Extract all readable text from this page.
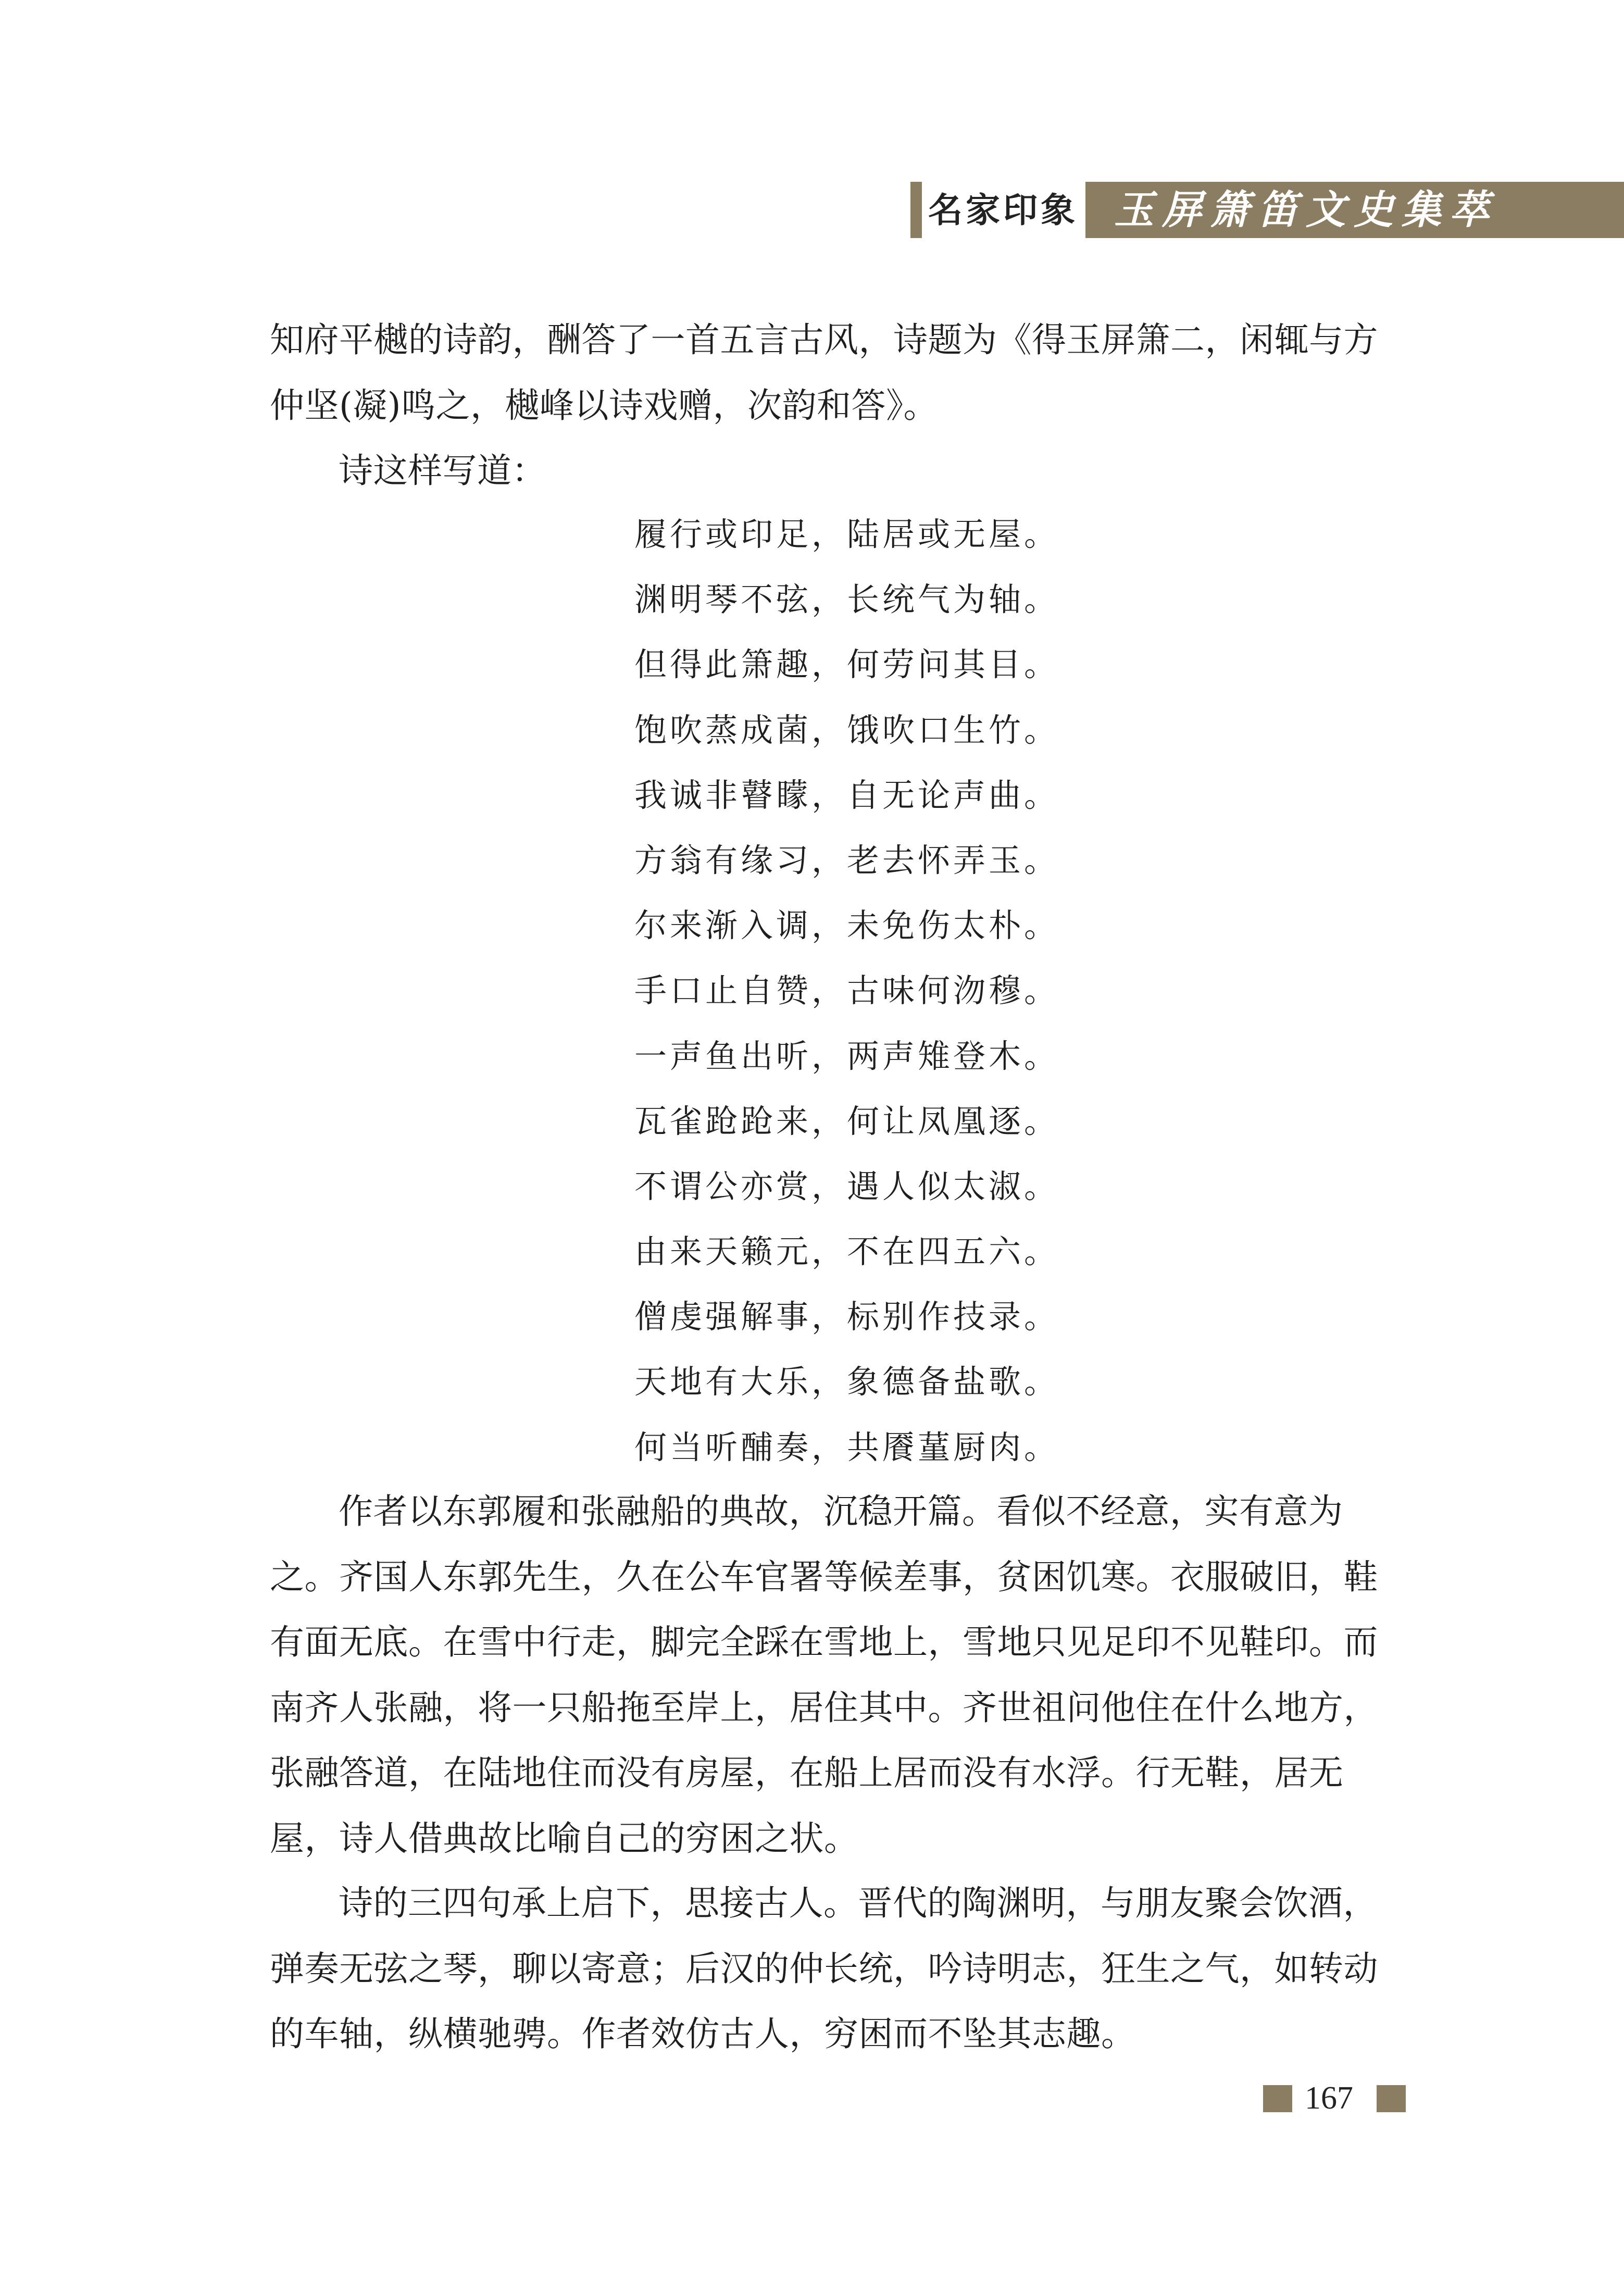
名家印象 玉屏箫笛文史集萃

知府平樾的诗韵，酬答了一首五言古风，诗题为《得玉屏箫二，闲辄与方仲坚(凝)鸣之，樾峰以诗戏赠，次韵和答》。

诗这样写道：

履行或印足，陆居或无屋。
渊明琴不弦，长统气为轴。
但得此箫趣，何劳问其目。
饱吹蒸成菌，饿吹口生竹。
我诚非瞽矇，自无论声曲。
方翁有缘习，老去怀弄玉。
尔来渐入调，未免伤太朴。
手口止自赞，古味何沕穆。
一声鱼出听，两声雉登木。
瓦雀跄跄来，何让凤凰逐。
不谓公亦赏，遇人似太淑。
由来天籁元，不在四五六。
僧虔强解事，标别作技录。
天地有大乐，象德备盐歌。
何当听酺奏，共餍蓳厨肉。

作者以东郭履和张融船的典故，沉稳开篇。看似不经意，实有意为之。齐国人东郭先生，久在公车官署等候差事，贫困饥寒。衣服破旧，鞋有面无底。在雪中行走，脚完全踩在雪地上，雪地只见足印不见鞋印。而南齐人张融，将一只船拖至岸上，居住其中。齐世祖问他住在什么地方，张融答道，在陆地住而没有房屋，在船上居而没有水浮。行无鞋，居无屋，诗人借典故比喻自己的穷困之状。

诗的三四句承上启下，思接古人。晋代的陶渊明，与朋友聚会饮酒，弹奏无弦之琴，聊以寄意；后汉的仲长统，吟诗明志，狂生之气，如转动的车轴，纵横驰骋。作者效仿古人，穷困而不坠其志趣。

167
